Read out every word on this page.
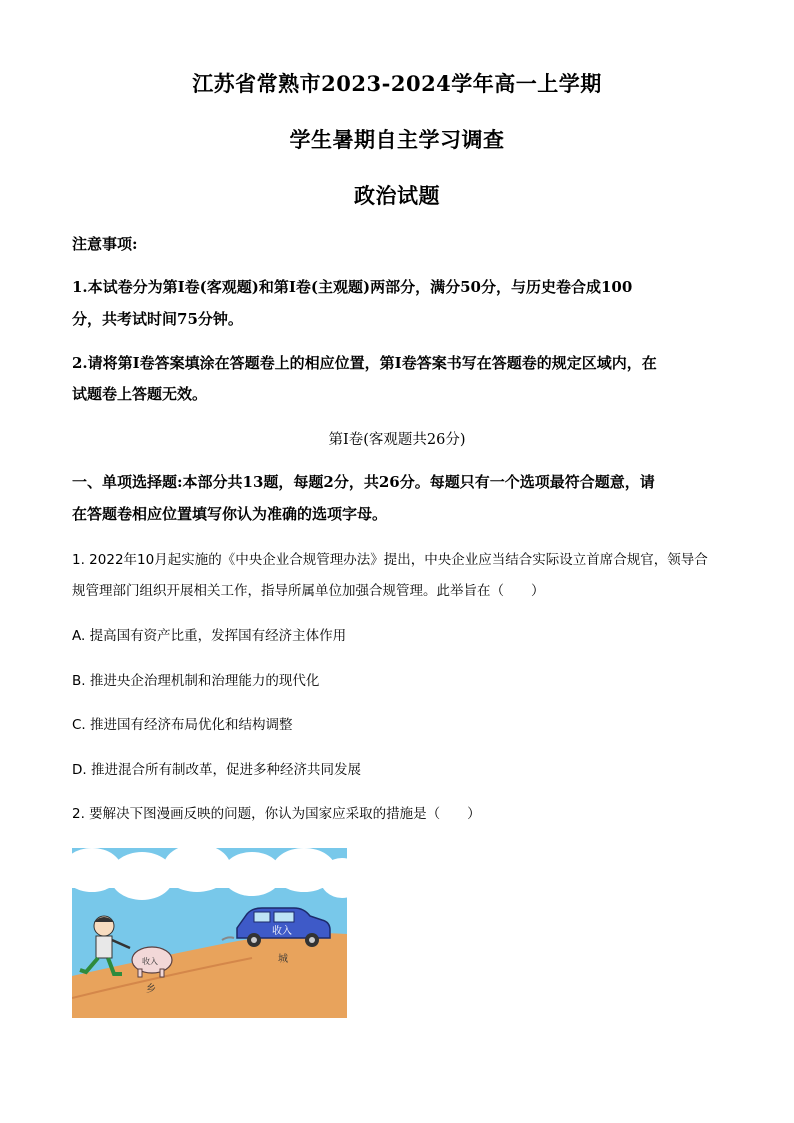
江苏省常熟市2023-2024学年高一上学期
学生暑期自主学习调查
政治试题
注意事项:
1.本试卷分为第Ⅰ卷(客观题)和第Ⅰ卷(主观题)两部分，满分50分，与历史卷合成100
分，共考试时间75分钟。
2.请将第Ⅰ卷答案填涂在答题卷上的相应位置，第Ⅰ卷答案书写在答题卷的规定区域内，在
试题卷上答题无效。
第Ⅰ卷(客观题共26分)
一、单项选择题:本部分共13题，每题2分，共26分。每题只有一个选项最符合题意，请
在答题卷相应位置填写你认为准确的选项字母。
1. 2022年10月起实施的《中央企业合规管理办法》提出，中央企业应当结合实际设立首席合规官，领导合
规管理部门组织开展相关工作，指导所属单位加强合规管理。此举旨在（　　）
A. 提高国有资产比重，发挥国有经济主体作用
B. 推进央企治理机制和治理能力的现代化
C. 推进国有经济布局优化和结构调整
D. 推进混合所有制改革，促进多种经济共同发展
2. 要解决下图漫画反映的问题，你认为国家应采取的措施是（　　）
收入
收入
乡
城
